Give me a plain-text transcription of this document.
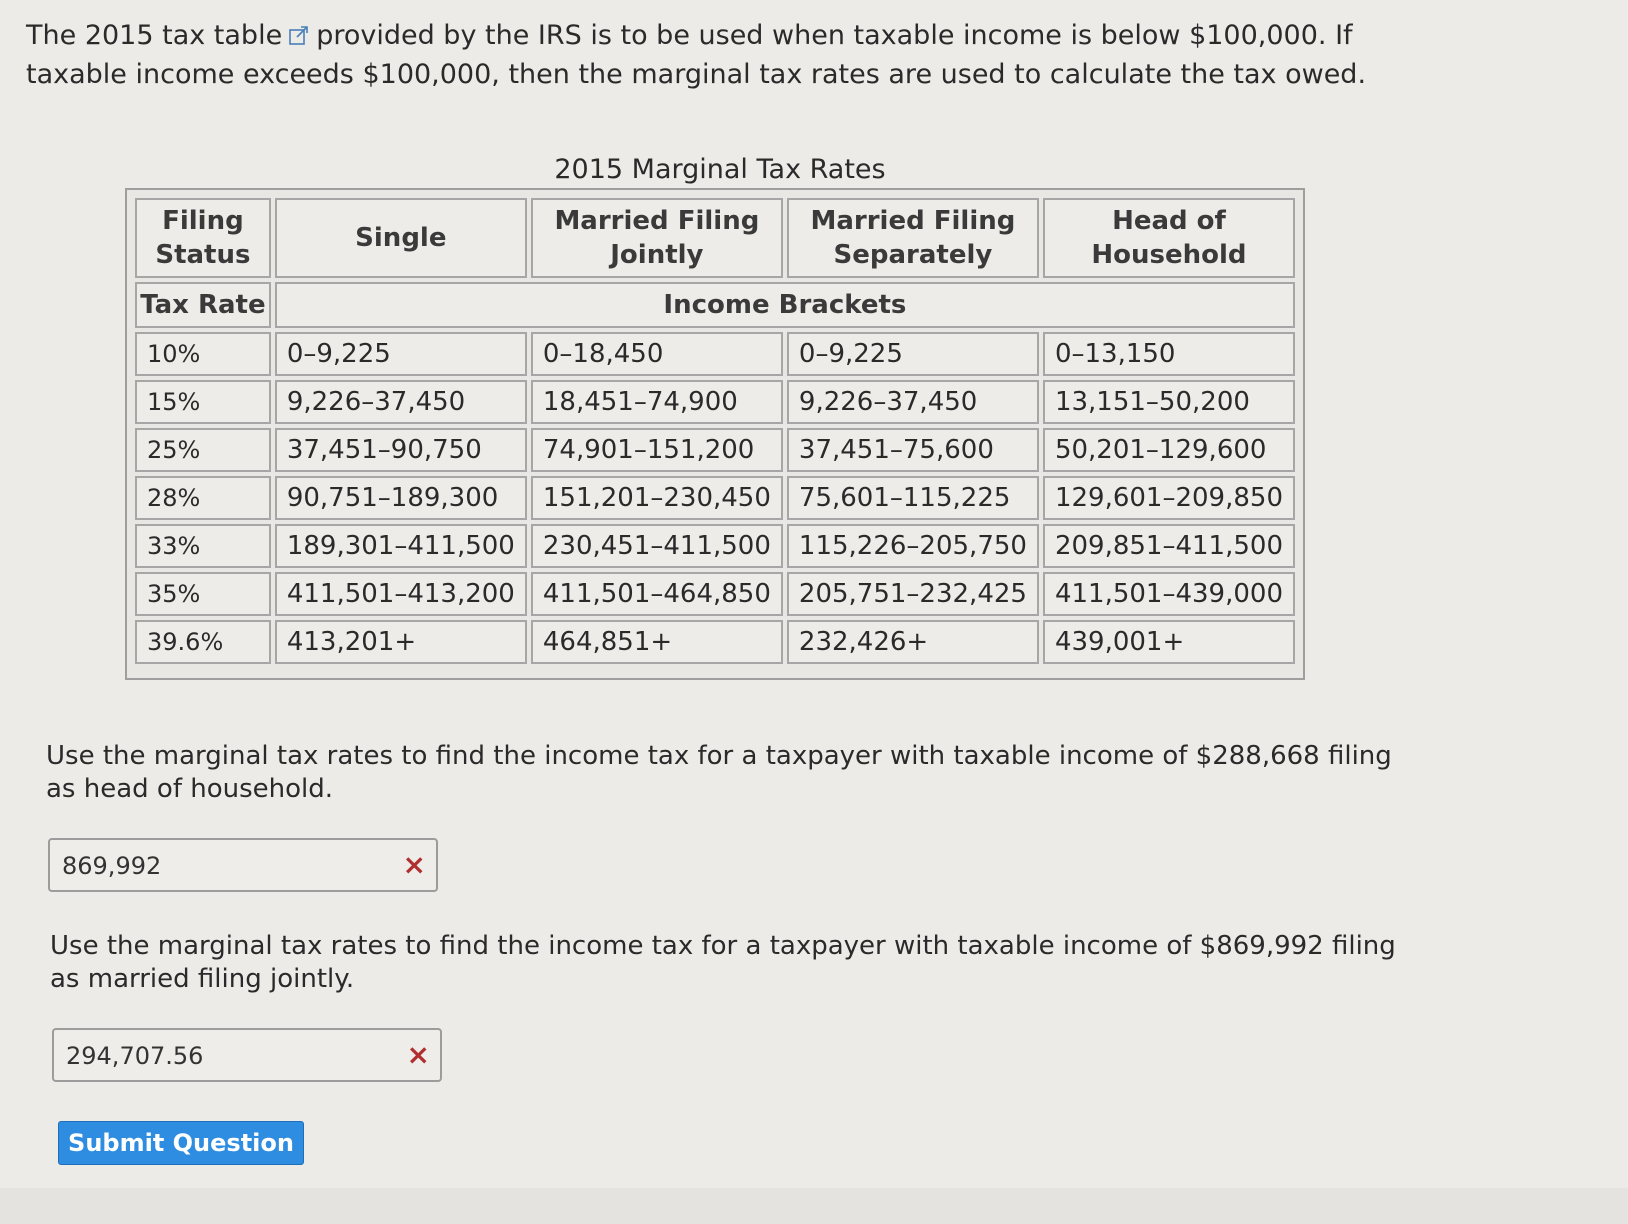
The 2015 tax table provided by the IRS is to be used when taxable income is below $100,000. If taxable income exceeds $100,000, then the marginal tax rates are used to calculate the tax owed.
2015 Marginal Tax Rates
Filing Status	Single	Married Filing Jointly	Married Filing Separately	Head of Household
Tax Rate	Income Brackets			
10%	0–9,225	0–18,450	0–9,225	0–13,150
15%	9,226–37,450	18,451–74,900	9,226–37,450	13,151–50,200
25%	37,451–90,750	74,901–151,200	37,451–75,600	50,201–129,600
28%	90,751–189,300	151,201–230,450	75,601–115,225	129,601–209,850
33%	189,301–411,500	230,451–411,500	115,226–205,750	209,851–411,500
35%	411,501–413,200	411,501–464,850	205,751–232,425	411,501–439,000
39.6%	413,201+	464,851+	232,426+	439,001+
Use the marginal tax rates to find the income tax for a taxpayer with taxable income of $288,668 filing as head of household.
869,992	×
Use the marginal tax rates to find the income tax for a taxpayer with taxable income of $869,992 filing as married filing jointly.
294,707.56	×
Submit Question
